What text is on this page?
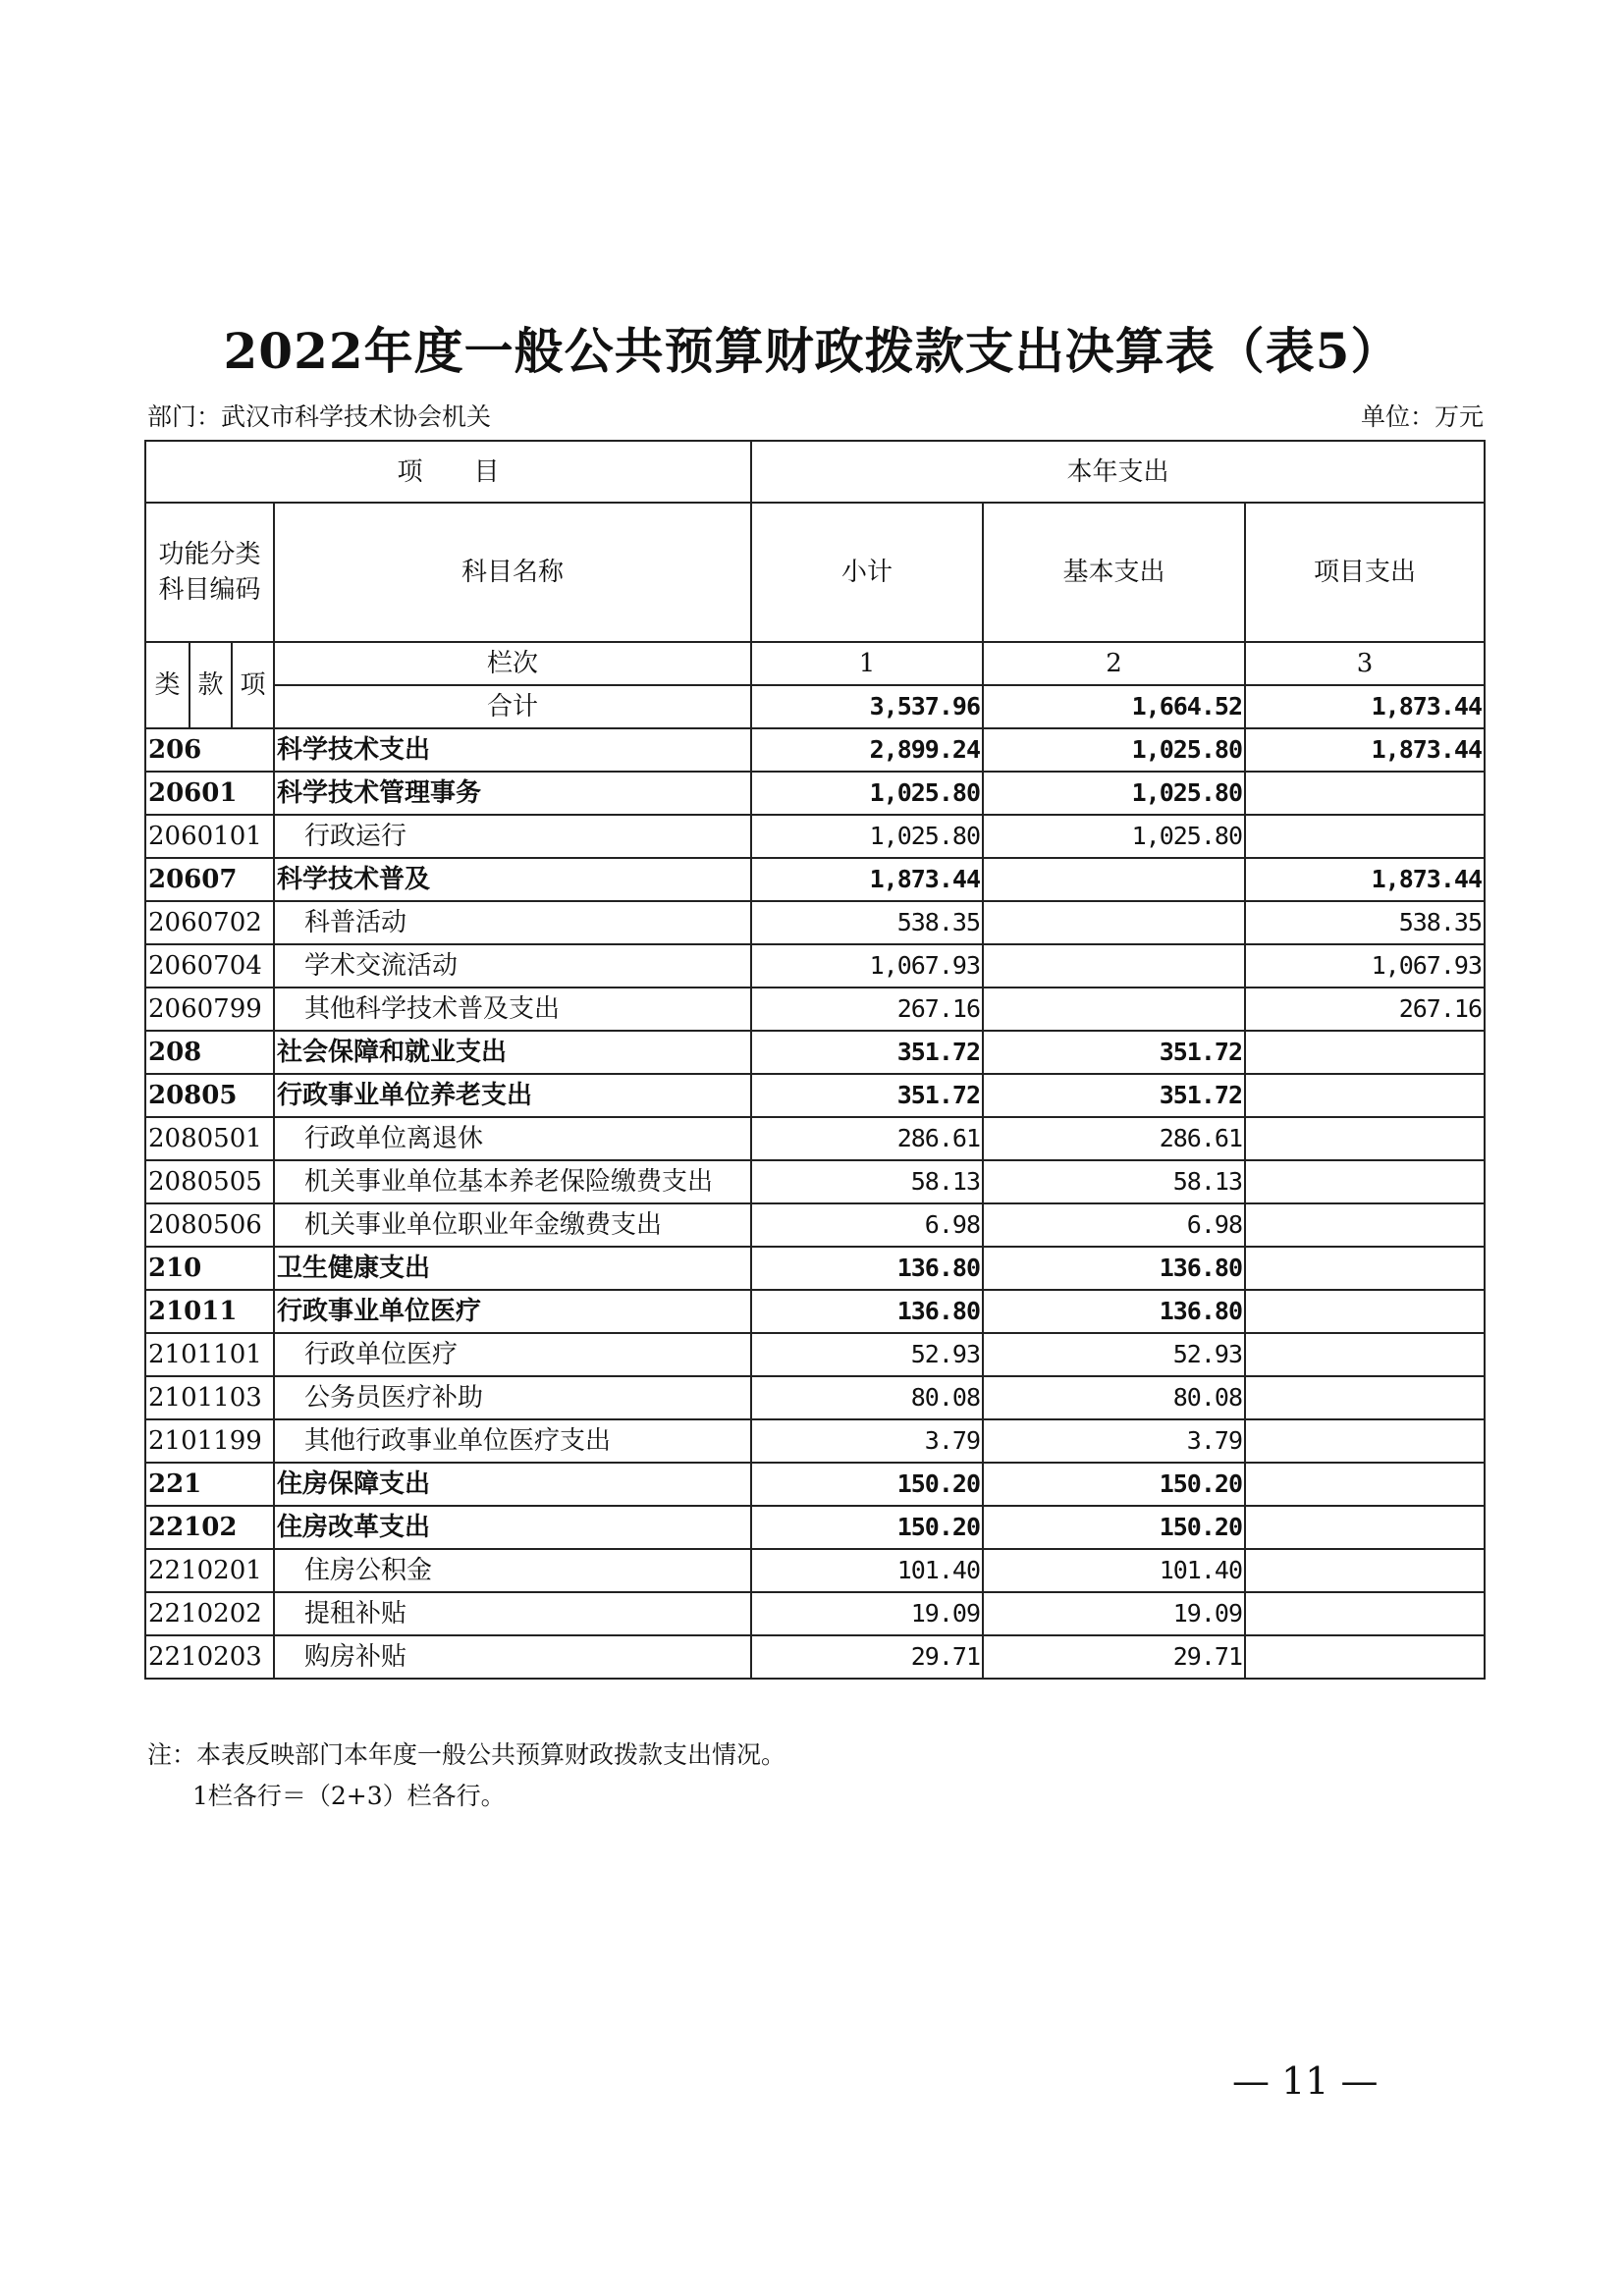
2022年度一般公共预算财政拨款支出决算表（表5）
部门：武汉市科学技术协会机关	单位：万元
项　　目				本年支出		
功能分类
科目编码			科目名称	小计	基本支出	项目支出
类	款	项	栏次	1	2	3
			合计	3,537.96	1,664.52	1,873.44
206			科学技术支出	2,899.24	1,025.80	1,873.44
20601			科学技术管理事务	1,025.80	1,025.80	
2060101			行政运行	1,025.80	1,025.80	
20607			科学技术普及	1,873.44		1,873.44
2060702			科普活动	538.35		538.35
2060704			学术交流活动	1,067.93		1,067.93
2060799			其他科学技术普及支出	267.16		267.16
208			社会保障和就业支出	351.72	351.72	
20805			行政事业单位养老支出	351.72	351.72	
2080501			行政单位离退休	286.61	286.61	
2080505			机关事业单位基本养老保险缴费支出	58.13	58.13	
2080506			机关事业单位职业年金缴费支出	6.98	6.98	
210			卫生健康支出	136.80	136.80	
21011			行政事业单位医疗	136.80	136.80	
2101101			行政单位医疗	52.93	52.93	
2101103			公务员医疗补助	80.08	80.08	
2101199			其他行政事业单位医疗支出	3.79	3.79	
221			住房保障支出	150.20	150.20	
22102			住房改革支出	150.20	150.20	
2210201			住房公积金	101.40	101.40	
2210202			提租补贴	19.09	19.09	
2210203			购房补贴	29.71	29.71	
注：本表反映部门本年度一般公共预算财政拨款支出情况。
1栏各行＝（2+3）栏各行。
— 11 —
